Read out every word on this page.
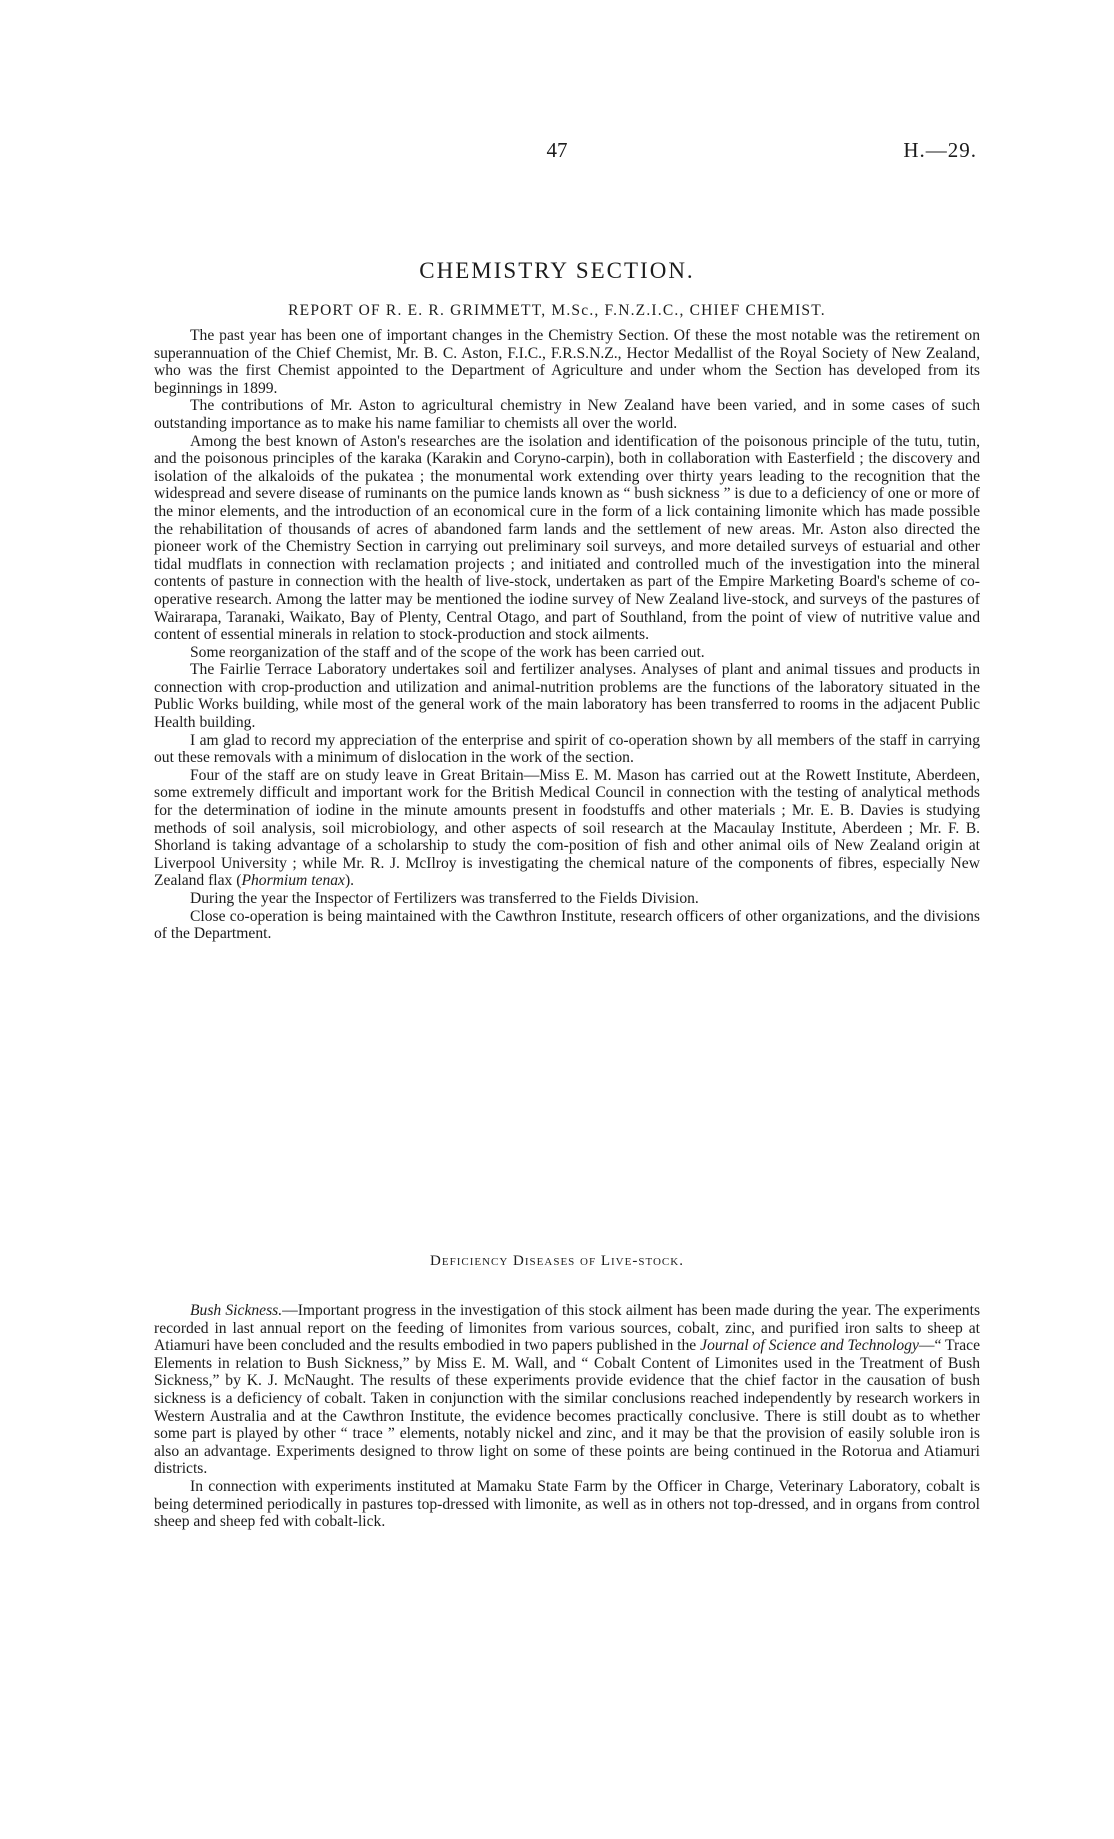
47	H.—29.
CHEMISTRY SECTION.
REPORT OF R. E. R. GRIMMETT, M.Sc., F.N.Z.I.C., CHIEF CHEMIST.

The past year has been one of important changes in the Chemistry Section. Of these the most notable was the retirement on superannuation of the Chief Chemist, Mr. B. C. Aston, F.I.C., F.R.S.N.Z., Hector Medallist of the Royal Society of New Zealand, who was the first Chemist appointed to the Department of Agriculture and under whom the Section has developed from its beginnings in 1899.

The contributions of Mr. Aston to agricultural chemistry in New Zealand have been varied, and in some cases of such outstanding importance as to make his name familiar to chemists all over the world.

Among the best known of Aston's researches are the isolation and identification of the poisonous principle of the tutu, tutin, and the poisonous principles of the karaka (Karakin and Coryno-carpin), both in collaboration with Easterfield ; the discovery and isolation of the alkaloids of the pukatea ; the monumental work extending over thirty years leading to the recognition that the widespread and severe disease of ruminants on the pumice lands known as “ bush sickness ” is due to a deficiency of one or more of the minor elements, and the introduction of an economical cure in the form of a lick containing limonite which has made possible the rehabilitation of thousands of acres of abandoned farm lands and the settlement of new areas. Mr. Aston also directed the pioneer work of the Chemistry Section in carrying out preliminary soil surveys, and more detailed surveys of estuarial and other tidal mudflats in connection with reclamation projects ; and initiated and controlled much of the investigation into the mineral contents of pasture in connection with the health of live-stock, undertaken as part of the Empire Marketing Board's scheme of co-operative research. Among the latter may be mentioned the iodine survey of New Zealand live-stock, and surveys of the pastures of Wairarapa, Taranaki, Waikato, Bay of Plenty, Central Otago, and part of Southland, from the point of view of nutritive value and content of essential minerals in relation to stock-production and stock ailments.

Some reorganization of the staff and of the scope of the work has been carried out.

The Fairlie Terrace Laboratory undertakes soil and fertilizer analyses. Analyses of plant and animal tissues and products in connection with crop-production and utilization and animal-nutrition problems are the functions of the laboratory situated in the Public Works building, while most of the general work of the main laboratory has been transferred to rooms in the adjacent Public Health building.

I am glad to record my appreciation of the enterprise and spirit of co-operation shown by all members of the staff in carrying out these removals with a minimum of dislocation in the work of the section.

Four of the staff are on study leave in Great Britain—Miss E. M. Mason has carried out at the Rowett Institute, Aberdeen, some extremely difficult and important work for the British Medical Council in connection with the testing of analytical methods for the determination of iodine in the minute amounts present in foodstuffs and other materials ; Mr. E. B. Davies is studying methods of soil analysis, soil microbiology, and other aspects of soil research at the Macaulay Institute, Aberdeen ; Mr. F. B. Shorland is taking advantage of a scholarship to study the com-position of fish and other animal oils of New Zealand origin at Liverpool University ; while Mr. R. J. McIlroy is investigating the chemical nature of the components of fibres, especially New Zealand flax (Phormium tenax).

During the year the Inspector of Fertilizers was transferred to the Fields Division.

Close co-operation is being maintained with the Cawthron Institute, research officers of other organizations, and the divisions of the Department.

Deficiency Diseases of Live-stock.

Bush Sickness.—Important progress in the investigation of this stock ailment has been made during the year. The experiments recorded in last annual report on the feeding of limonites from various sources, cobalt, zinc, and purified iron salts to sheep at Atiamuri have been concluded and the results embodied in two papers published in the Journal of Science and Technology—“ Trace Elements in relation to Bush Sickness,” by Miss E. M. Wall, and “ Cobalt Content of Limonites used in the Treatment of Bush Sickness,” by K. J. McNaught. The results of these experiments provide evidence that the chief factor in the causation of bush sickness is a deficiency of cobalt. Taken in conjunction with the similar conclusions reached independently by research workers in Western Australia and at the Cawthron Institute, the evidence becomes practically conclusive. There is still doubt as to whether some part is played by other “ trace ” elements, notably nickel and zinc, and it may be that the provision of easily soluble iron is also an advantage. Experiments designed to throw light on some of these points are being continued in the Rotorua and Atiamuri districts.

In connection with experiments instituted at Mamaku State Farm by the Officer in Charge, Veterinary Laboratory, cobalt is being determined periodically in pastures top-dressed with limonite, as well as in others not top-dressed, and in organs from control sheep and sheep fed with cobalt-lick.
